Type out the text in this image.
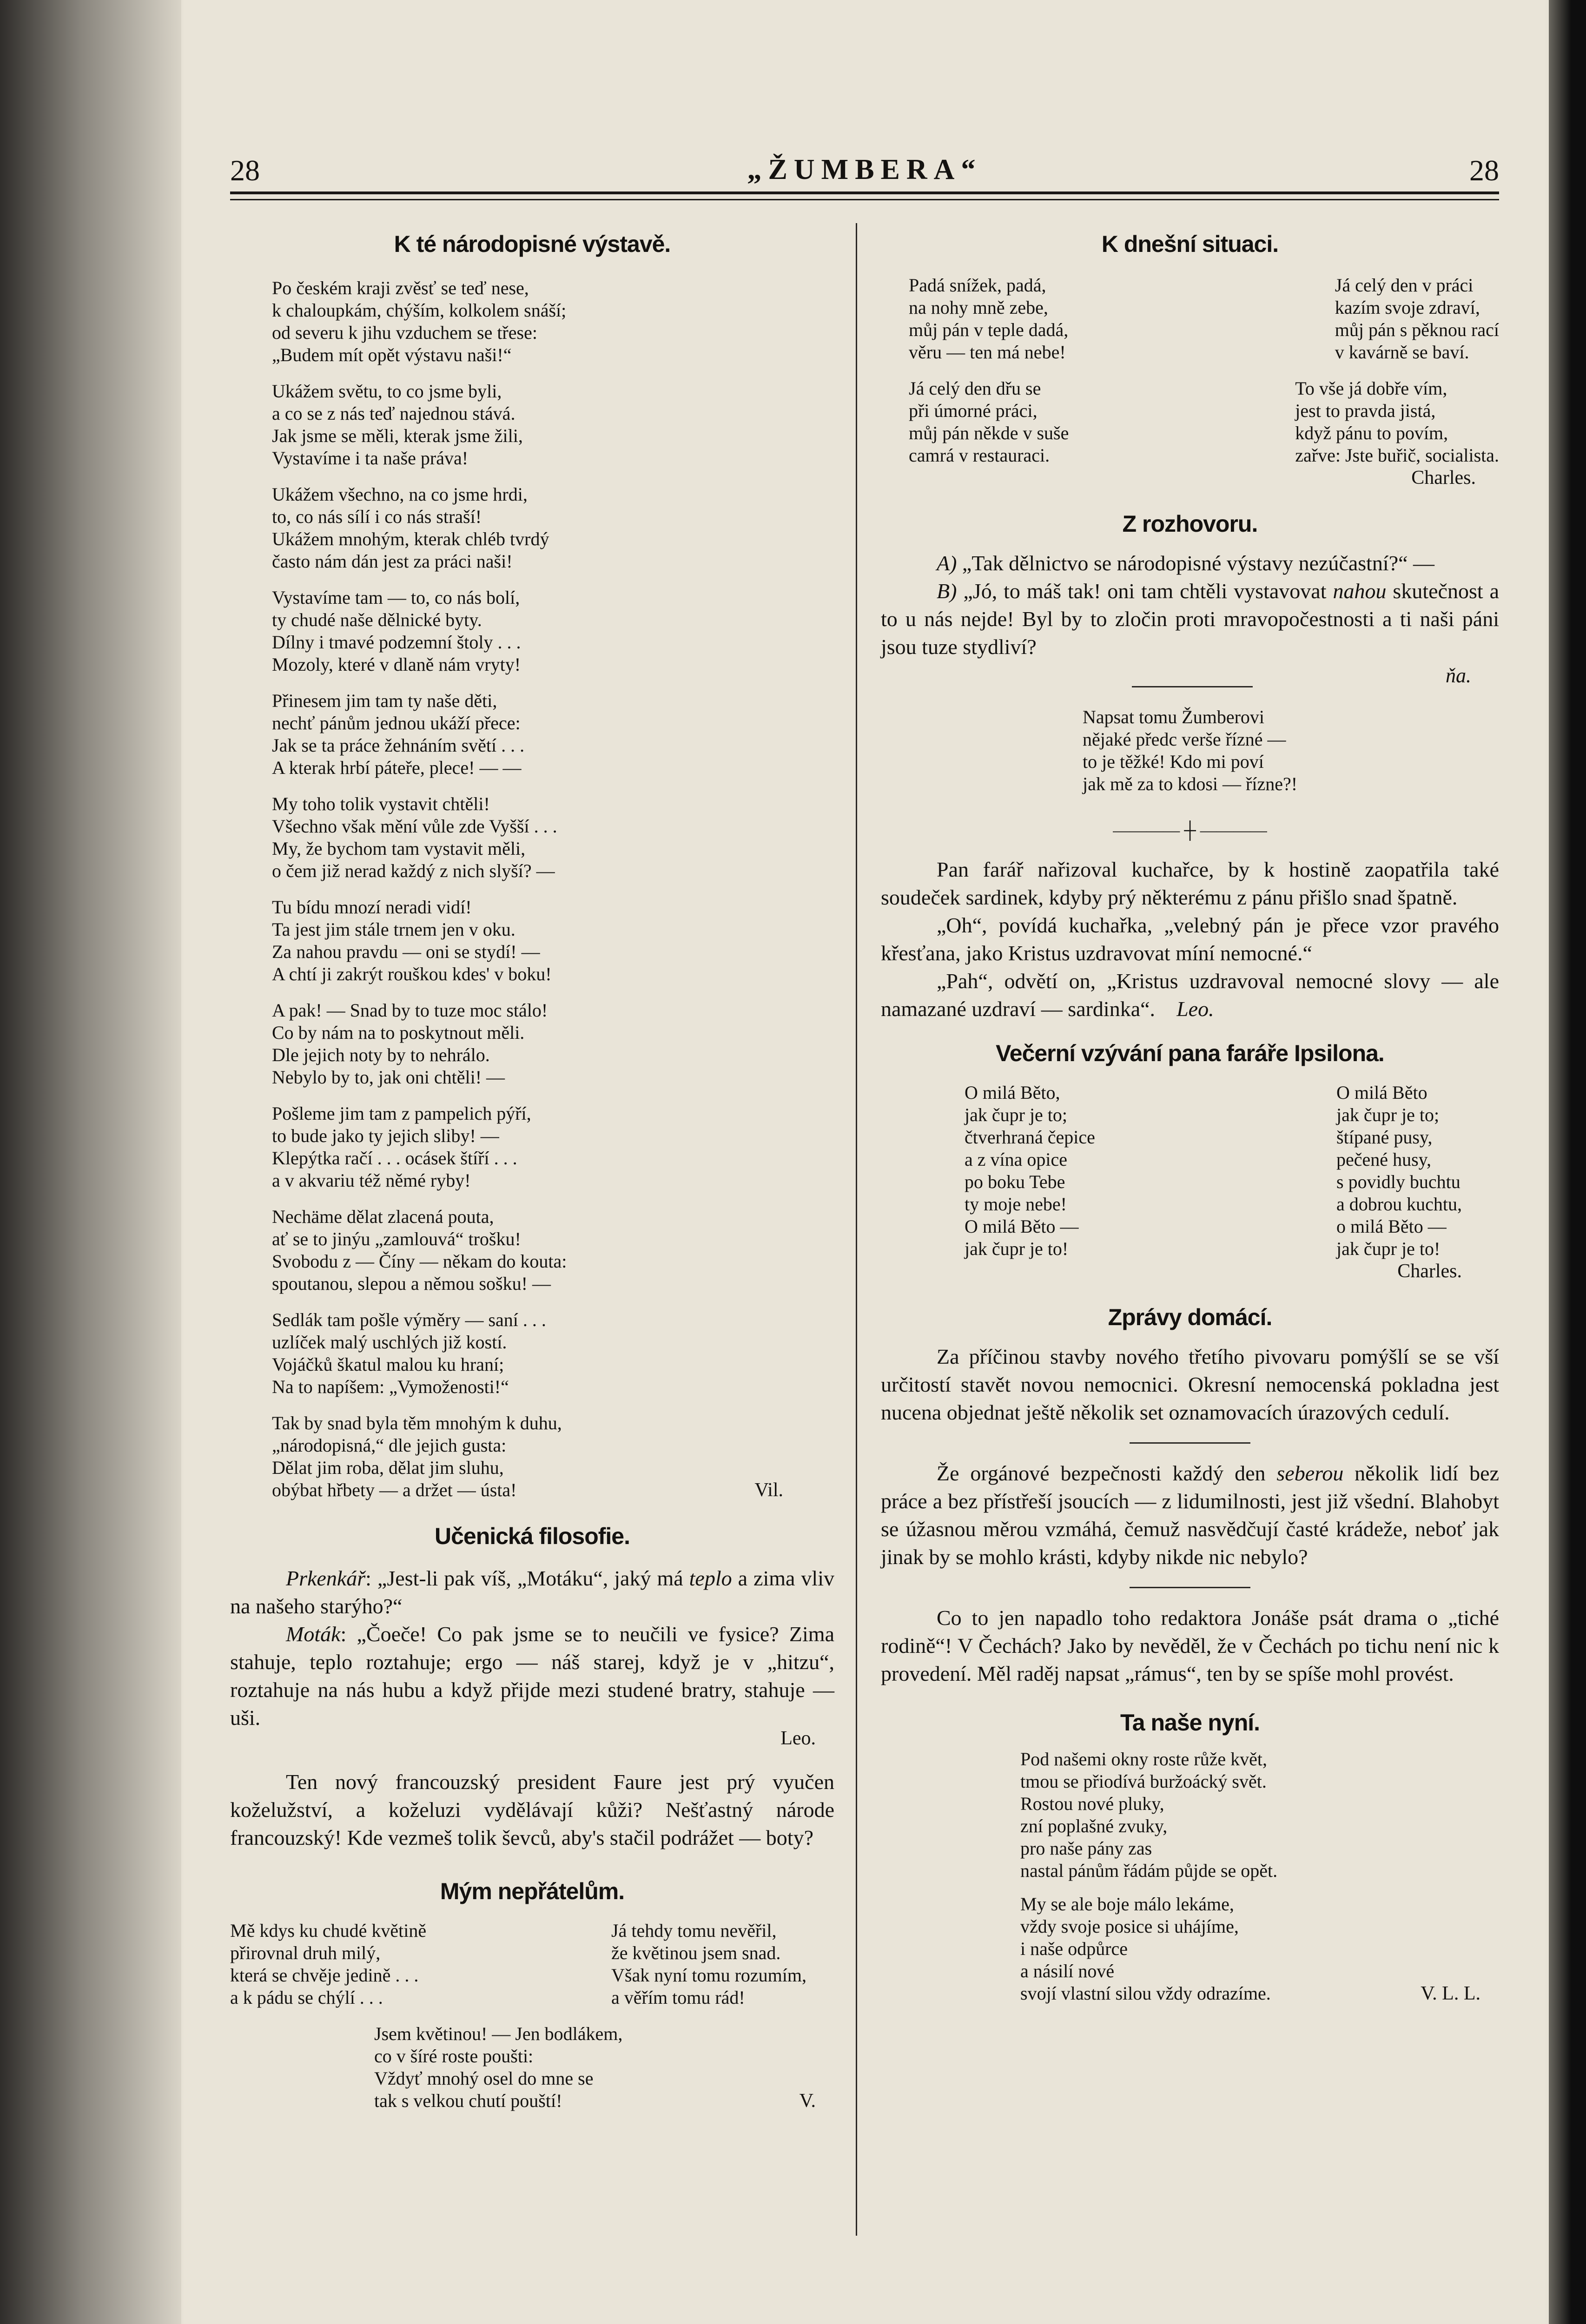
28	„ŽUMBERA“	28
K té národopisné výstavě.

Po českém kraji zvěsť se teď nese,
k chaloupkám, chýším, kolkolem snáší;
od severu k jihu vzduchem se třese:
„Budem mít opět výstavu naši!“

Ukážem světu, to co jsme byli,
a co se z nás teď najednou stává.
Jak jsme se měli, kterak jsme žili,
Vystavíme i ta naše práva!

Ukážem všechno, na co jsme hrdi,
to, co nás sílí i co nás straší!
Ukážem mnohým, kterak chléb tvrdý
často nám dán jest za práci naši!

Vystavíme tam — to, co nás bolí,
ty chudé naše dělnické byty.
Dílny i tmavé podzemní štoly . . .
Mozoly, které v dlaně nám vryty!

Přinesem jim tam ty naše děti,
nechť pánům jednou ukáží přece:
Jak se ta práce žehnáním světí . . .
A kterak hrbí páteře, plece! — —

My toho tolik vystavit chtěli!
Všechno však mění vůle zde Vyšší . . .
My, že bychom tam vystavit měli,
o čem již nerad každý z nich slyší? —

Tu bídu mnozí neradi vidí!
Ta jest jim stále trnem jen v oku.
Za nahou pravdu — oni se stydí! —
A chtí ji zakrýt rouškou kdes' v boku!

A pak! — Snad by to tuze moc stálo!
Co by nám na to poskytnout měli.
Dle jejich noty by to nehrálo.
Nebylo by to, jak oni chtěli! —

Pošleme jim tam z pampelich pýří,
to bude jako ty jejich sliby! —
Klepýtka račí . . . ocásek štíří . . .
a v akvariu též němé ryby!

Nechäme dělat zlacená pouta,
ať se to jinýu „zamlouvá“ trošku!
Svobodu z — Číny — někam do kouta:
spoutanou, slepou a němou sošku! —

Sedlák tam pošle výměry — saní . . .
uzlíček malý uschlých již kostí.
Vojáčků škatul malou ku hraní;
Na to napíšem: „Vymoženosti!“

Tak by snad byla těm mnohým k duhu,
„národopisná,“ dle jejich gusta:
Dělat jim roba, dělat jim sluhu,
obýbat hřbety — a držet — ústa!	Vil.
Učenická filosofie.

Prkenkář: „Jest-li pak víš, „Motáku“, jaký má teplo a zima vliv na našeho starýho?“

Moták: „Čoeče! Co pak jsme se to neučili ve fysice? Zima stahuje, teplo roztahuje; ergo — náš starej, když je v „hitzu“, roztahuje na nás hubu a když přijde mezi studené bratry, stahuje — uši.

Leo.

Ten nový francouzský president Faure jest prý vyučen koželužství, a koželuzi vydělávají kůži? Nešťastný národe francouzský! Kde vezmeš tolik ševců, aby's stačil podrážet — boty?

Mým nepřátelům.

Mě kdys ku chudé květině
přirovnal druh milý,
která se chvěje jedině . . .
a k pádu se chýlí . . .

Já tehdy tomu nevěřil,
že květinou jsem snad.
Však nyní tomu rozumím,
a věřím tomu rád!

Jsem květinou! — Jen bodlákem,
co v šíré roste poušti:
Vždyť mnohý osel do mne se
tak s velkou chutí pouští!	V.
K dnešní situaci.

Padá snížek, padá,
na nohy mně zebe,
můj pán v teple dadá,
věru — ten má nebe!

Já celý den v práci
kazím svoje zdraví,
můj pán s pěknou rací
v kavárně se baví.

Já celý den dřu se
při úmorné práci,
můj pán někde v suše
camrá v restauraci.

To vše já dobře vím,
jest to pravda jistá,
když pánu to povím,
zařve: Jste buřič, socialista.

Charles.
Z rozhovoru.

A) „Tak dělnictvo se národopisné výstavy nezúčastní?“ —

B) „Jó, to máš tak! oni tam chtěli vystavovat nahou skutečnost a to u nás nejde! Byl by to zločin proti mravopočestnosti a ti naši páni jsou tuze stydliví?

ňa.

Napsat tomu Žumberovi
nějaké předc verše řízné —
to je těžké! Kdo mi poví
jak mě za to kdosi — řízne?!

———— ┼ ————

Pan farář nařizoval kuchařce, by k hostině zaopatřila také soudeček sardinek, kdyby prý některému z pánu přišlo snad špatně.

„Oh“, povídá kuchařka, „velebný pán je přece vzor pravého křesťana, jako Kristus uzdravovat míní nemocné.“

„Pah“, odvětí on, „Kristus uzdravoval nemocné slovy — ale namazané uzdraví — sardinka“. Leo.

Večerní vzývání pana faráře Ipsilona.

O milá Běto,
jak čupr je to;
čtverhraná čepice
a z vína opice
po boku Tebe
ty moje nebe!
O milá Běto —
jak čupr je to!

O milá Běto
jak čupr je to;
štípané pusy,
pečené husy,
s povidly buchtu
a dobrou kuchtu,
o milá Běto —
jak čupr je to!

Charles.
Zprávy domácí.

Za příčinou stavby nového třetího pivovaru pomýšlí se se vší určitostí stavět novou nemocnici. Okresní nemocenská pokladna jest nucena objednat ještě několik set oznamovacích úrazových cedulí.

Že orgánové bezpečnosti každý den seberou několik lidí bez práce a bez přístřeší jsoucích — z lidumilnosti, jest již všední. Blahobyt se úžasnou měrou vzmáhá, čemuž nasvědčují časté krádeže, neboť jak jinak by se mohlo krásti, kdyby nikde nic nebylo?

Co to jen napadlo toho redaktora Jonáše psát drama o „tiché rodině“! V Čechách? Jako by nevěděl, že v Čechách po tichu není nic k provedení. Měl raděj napsat „rámus“, ten by se spíše mohl provést.

Ta naše nyní.

Pod našemi okny roste růže květ,
tmou se přiodívá buržoácký svět.
Rostou nové pluky,
zní poplašné zvuky,
pro naše pány zas
nastal pánům řádám půjde se opět.

My se ale boje málo lekáme,
vždy svoje posice si uhájíme,
i naše odpůrce
a násilí nové
svojí vlastní silou vždy odrazíme.	V. L. L.
